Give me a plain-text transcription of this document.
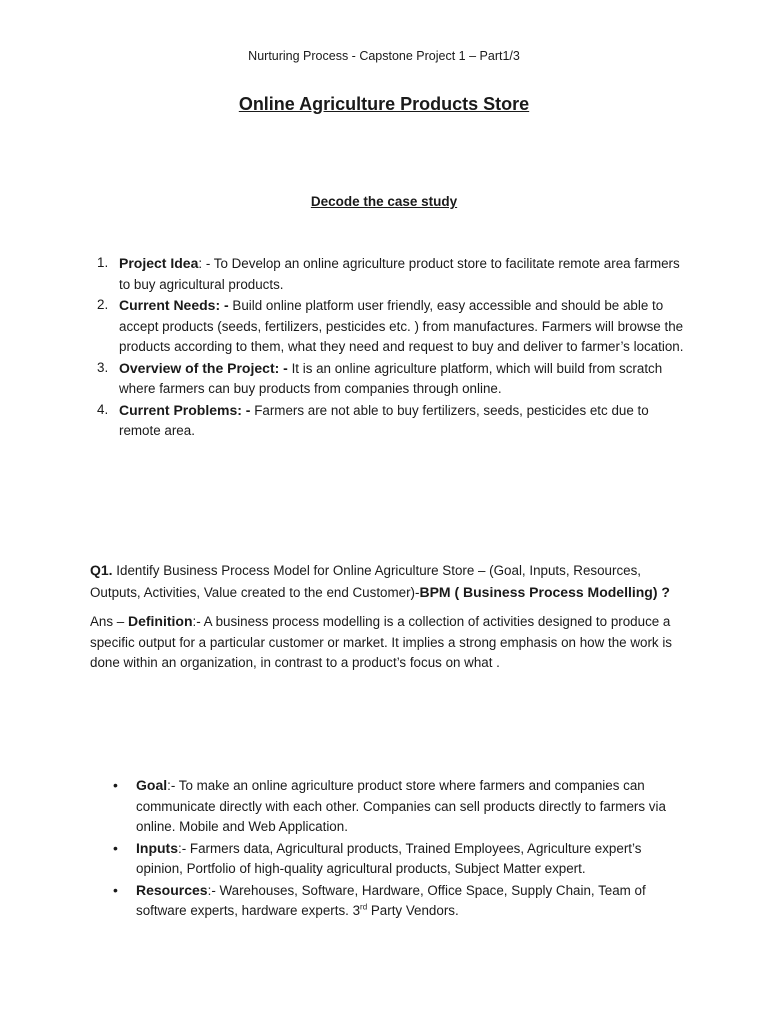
Nurturing Process - Capstone Project 1 – Part1/3
Online Agriculture Products Store
Decode the case study
1. Project Idea: - To Develop an online agriculture product store to facilitate remote area farmers to buy agricultural products.
2. Current Needs: - Build online platform user friendly, easy accessible and should be able to accept products (seeds, fertilizers, pesticides etc. ) from manufactures. Farmers will browse the products according to them, what they need and request to buy and deliver to farmer’s location.
3. Overview of the Project: - It is an online agriculture platform, which will build from scratch where farmers can buy products from companies through online.
4. Current Problems: - Farmers are not able to buy fertilizers, seeds, pesticides etc due to remote area.

Q1. Identify Business Process Model for Online Agriculture Store – (Goal, Inputs, Resources, Outputs, Activities, Value created to the end Customer)-BPM ( Business Process Modelling) ?

Ans – Definition:- A business process modelling is a collection of activities designed to produce a specific output for a particular customer or market. It implies a strong emphasis on how the work is done within an organization, in contrast to a product’s focus on what .

• Goal:- To make an online agriculture product store where farmers and companies can communicate directly with each other. Companies can sell products directly to farmers via online. Mobile and Web Application.
• Inputs:- Farmers data, Agricultural products, Trained Employees, Agriculture expert’s opinion, Portfolio of high-quality agricultural products, Subject Matter expert.
• Resources:- Warehouses, Software, Hardware, Office Space, Supply Chain, Team of software experts, hardware experts. 3rd Party Vendors.
